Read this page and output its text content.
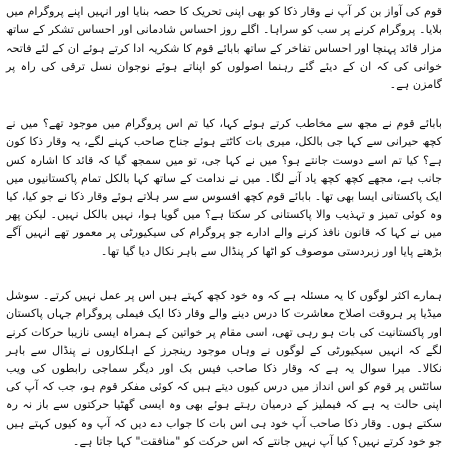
قوم کی آواز بن کر آپ نے وقار ذکا کو بھی اپنی تحریک کا حصہ بنایا اور انہیں اپنے پروگرام میں بلایا۔ پروگرام کرنے پر سب کو سراہا۔ اگلے روز احساس شادمانی اور احساس تشکر کے ساتھ مزار قائد پہنچا اور احساس تفاخر کے ساتھ بابائے قوم کا شکریہ ادا کرتے ہوئے ان کے لئے فاتحہ خوانی کی کہ ان کے دیئے گئے رہنما اصولوں کو اپناتے ہوئے نوجوان نسل ترقی کی راہ پر گامزن ہے۔

بابائے قوم نے مجھ سے مخاطب کرتے ہوئے کہا، کیا تم اس پروگرام میں موجود تھے؟ میں نے کچھ حیرانی سے کہا جی بالکل، میری بات کاٹتے ہوئے جناح صاحب کہنے لگے، یہ وقار ذکا کون ہے؟ کیا تم اسے دوست جانتے ہو؟ میں نے کہا جی، تو میں سمجھ گیا کہ قائد کا اشارہ کس جانب ہے، مجھے کچھ کچھ یاد آنے لگا۔ میں نے ندامت کے ساتھ کہا بالکل تمام پاکستانیوں میں ایک پاکستانی ایسا بھی تھا۔ بابائے قوم کچھ افسوس سے سر ہلاتے ہوئے وقار ذکا نے جو کیا، کیا وہ کوئی تمیز و تہذیب والا پاکستانی کر سکتا ہے؟ میں گویا ہوا، نہیں بالکل نہیں۔ لیکن پھر میں نے کہا کہ قانون نافذ کرنے والے ادارے جو پروگرام کی سیکیورٹی پر معمور تھے انہیں آگے بڑھتے پایا اور زبردستی موصوف کو اٹھا کر پنڈال سے باہر نکال دیا گیا تھا۔

ہمارے اکثر لوگوں کا یہ مسئلہ ہے کہ وہ خود کچھ کہتے ہیں اس پر عمل نہیں کرتے۔ سوشل میڈیا پر ہروقت اصلاح معاشرت کا درس دینے والے وقار ذکا ایک فیملی پروگرام جہاں پاکستان اور پاکستانیت کی بات ہو رہی تھی، اسی مقام پر خواتین کے ہمراہ ایسی نازیبا حرکات کرنے لگے کہ انہیں سیکیورٹی کے لوگوں نے وہاں موجود رینجرز کے اہلکاروں نے پنڈال سے باہر نکالا۔ میرا سوال یہ ہے کہ وقار ذکا صاحب فیس بک اور دیگر سماجی رابطوں کی ویب سائٹس پر قوم کو اس انداز میں درس کیوں دیتے ہیں کہ کوئی مفکر قوم ہو، جب کہ آپ کی اپنی حالت یہ ہے کہ فیملیز کے درمیان رہتے ہوئے بھی وہ ایسی گھٹیا حرکتوں سے باز نہ رہ سکتے ہوں۔ وقار ذکا صاحب آپ خود ہی اس بات کا جواب دے دیں کہ آپ وہ کیوں کہتے ہیں جو خود کرتے نہیں؟ کیا آپ نہیں جانتے کہ اس حرکت کو "منافقت" کہا جاتا ہے۔
